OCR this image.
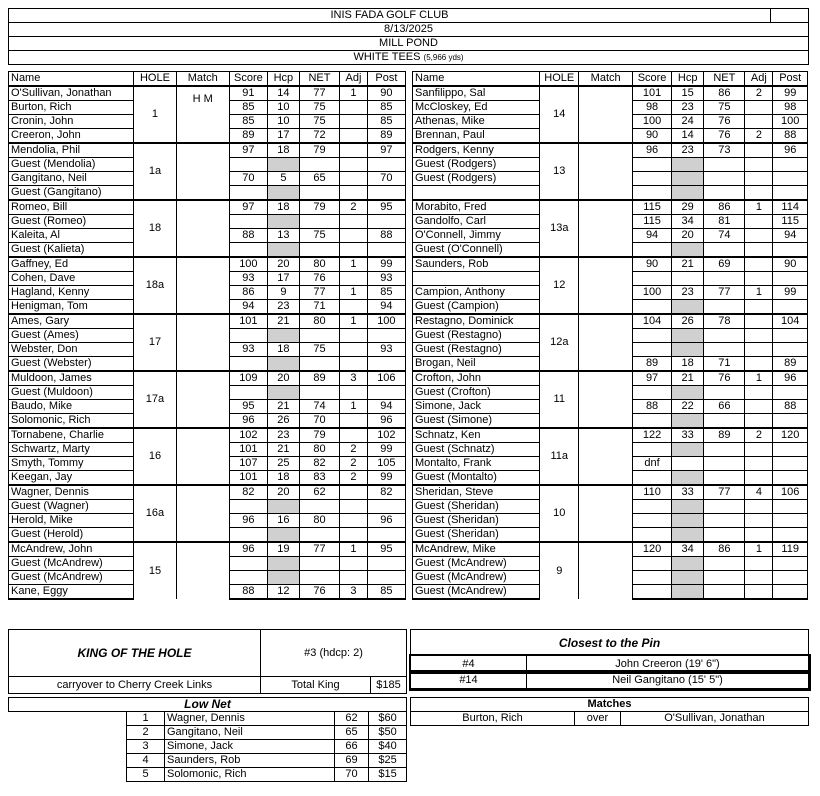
INIS FADA GOLF CLUB	
8/13/2025
MILL POND
WHITE TEES (5,966 yds)
Name	HOLE	Match	Score	Hcp	NET	Adj	Post
O'Sullivan, Jonathan	1	H M	91	14	77	1	90
Burton, Rich			85	10	75		85
Cronin, John			85	10	75		85
Creeron, John			89	17	72		89
Mendolia, Phil	1a		97	18	79		97
Guest (Mendolia)							
Gangitano, Neil			70	5	65		70
Guest (Gangitano)							
Romeo, Bill	18		97	18	79	2	95
Guest (Romeo)							
Kaleita, Al			88	13	75		88
Guest (Kalieta)							
Gaffney, Ed	18a		100	20	80	1	99
Cohen, Dave			93	17	76		93
Hagland, Kenny			86	9	77	1	85
Henigman, Tom			94	23	71		94
Ames, Gary	17		101	21	80	1	100
Guest (Ames)							
Webster, Don			93	18	75		93
Guest (Webster)							
Muldoon, James	17a		109	20	89	3	106
Guest (Muldoon)							
Baudo, Mike			95	21	74	1	94
Solomonic, Rich			96	26	70		96
Tornabene, Charlie	16		102	23	79		102
Schwartz, Marty			101	21	80	2	99
Smyth, Tommy			107	25	82	2	105
Keegan, Jay			101	18	83	2	99
Wagner, Dennis	16a		82	20	62		82
Guest (Wagner)							
Herold, Mike			96	16	80		96
Guest (Herold)							
McAndrew, John	15		96	19	77	1	95
Guest (McAndrew)							
Guest (McAndrew)							
Kane, Eggy			88	12	76	3	85
Name	HOLE	Match	Score	Hcp	NET	Adj	Post
Sanfilippo, Sal	14		101	15	86	2	99
McCloskey, Ed			98	23	75		98
Athenas, Mike			100	24	76		100
Brennan, Paul			90	14	76	2	88
Rodgers, Kenny	13		96	23	73		96
Guest (Rodgers)							
Guest (Rodgers)							

Morabito, Fred	13a		115	29	86	1	114
Gandolfo, Carl			115	34	81		115
O'Connell, Jimmy			94	20	74		94
Guest (O'Connell)							
Saunders, Rob	12		90	21	69		90

Campion, Anthony			100	23	77	1	99
Guest (Campion)							
Restagno, Dominick	12a		104	26	78		104
Guest (Restagno)							
Guest (Restagno)							
Brogan, Neil			89	18	71		89
Crofton, John	11		97	21	76	1	96
Guest (Crofton)							
Simone, Jack			88	22	66		88
Guest (Simone)							
Schnatz, Ken	11a		122	33	89	2	120
Guest (Schnatz)							
Montalto, Frank			dnf				
Guest (Montalto)							
Sheridan, Steve	10		110	33	77	4	106
Guest (Sheridan)							
Guest (Sheridan)							
Guest (Sheridan)							
McAndrew, Mike	9		120	34	86	1	119
Guest (McAndrew)							
Guest (McAndrew)							
Guest (McAndrew)							
KING OF THE HOLE	#3 (hdcp: 2)	
carryover to Cherry Creek Links	Total King	$185
Closest to the Pin	
#4	John Creeron (19' 6")
#14	Neil Gangitano (15' 5")
Low Net				
	1	Wagner, Dennis	62	$60
	2	Gangitano, Neil	65	$50
	3	Simone, Jack	66	$40
	4	Saunders, Rob	69	$25
	5	Solomonic, Rich	70	$15
Matches
Burton, Rich	over	O'Sullivan, Jonathan
